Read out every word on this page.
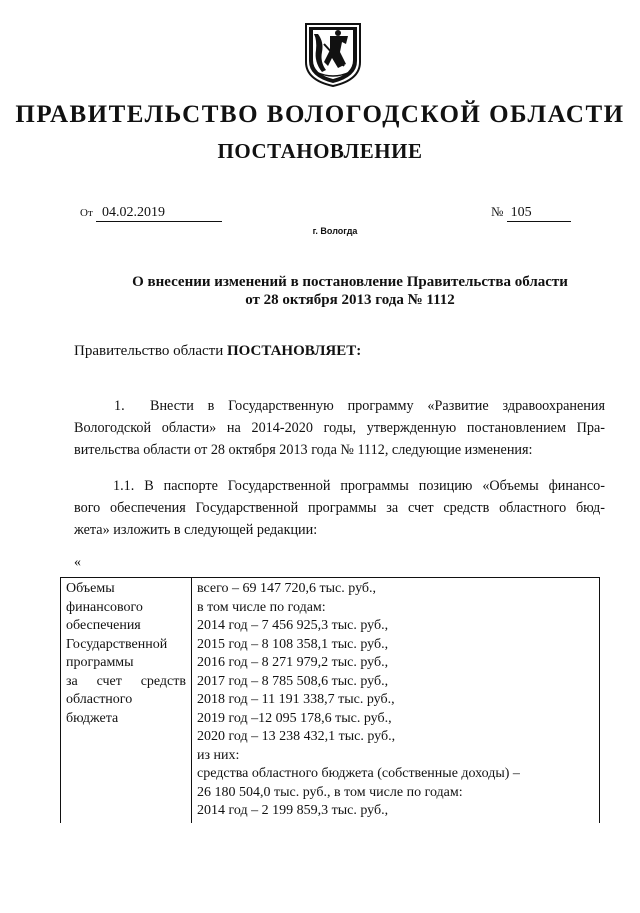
ПРАВИТЕЛЬСТВО ВОЛОГОДСКОЙ ОБЛАСТИ
ПОСТАНОВЛЕНИЕ
От 04.02.2019	№ 105
г. Вологда
О внесении изменений в постановление Правительства области
от 28 октября 2013 года № 1112
Правительство области ПОСТАНОВЛЯЕТ:
1. Внести в Государственную программу «Развитие здравоохранения
Вологодской области» на 2014-2020 годы, утвержденную постановлением Пра-
вительства области от 28 октября 2013 года № 1112, следующие изменения:
1.1. В паспорте Государственной программы позицию «Объемы финансо-
вого обеспечения Государственной программы за счет средств областного бюд-
жета» изложить в следующей редакции:
«
Объемы
финансового
обеспечения
Государственной
программы
за счет средств
областного
бюджета

всего – 69 147 720,6 тыс. руб.,
в том числе по годам:
2014 год – 7 456 925,3 тыс. руб.,
2015 год – 8 108 358,1 тыс. руб.,
2016 год – 8 271 979,2 тыс. руб.,
2017 год – 8 785 508,6 тыс. руб.,
2018 год – 11 191 338,7 тыс. руб.,
2019 год –12 095 178,6 тыс. руб.,
2020 год – 13 238 432,1 тыс. руб.,
из них:
средства областного бюджета (собственные доходы) –
26 180 504,0 тыс. руб., в том числе по годам:
2014 год – 2 199 859,3 тыс. руб.,
